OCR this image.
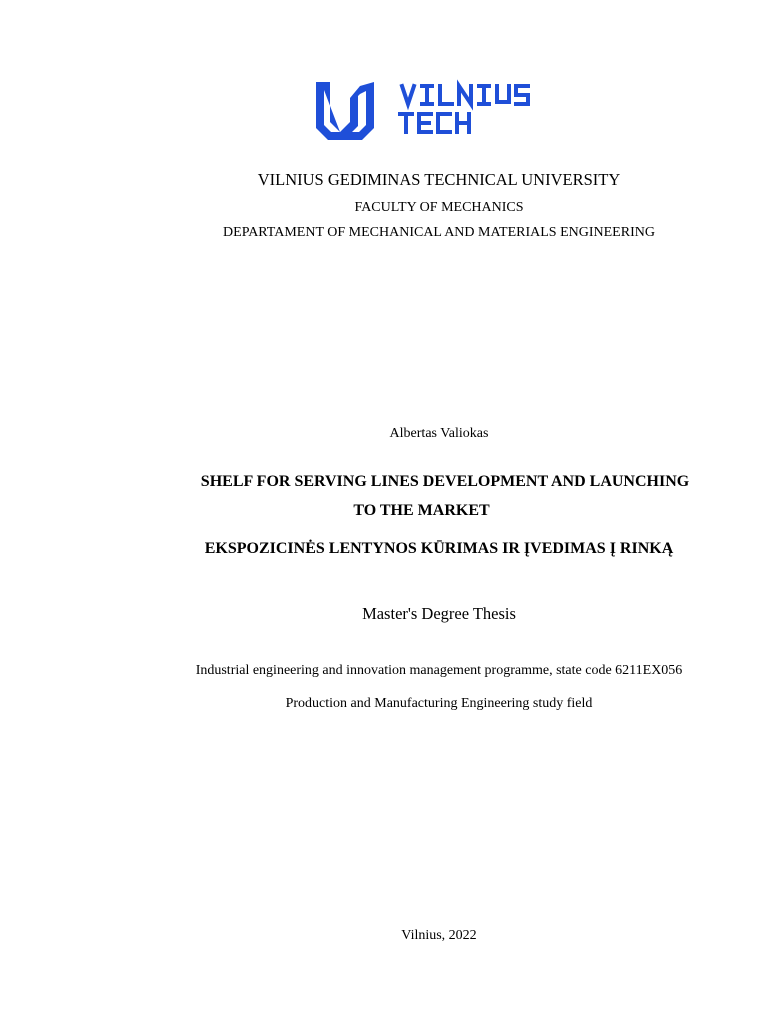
VILNIUS GEDIMINAS TECHNICAL UNIVERSITY
FACULTY OF MECHANICS
DEPARTAMENT OF MECHANICAL AND MATERIALS ENGINEERING
Albertas Valiokas
SHELF FOR SERVING LINES DEVELOPMENT AND LAUNCHING
TO THE MARKET
EKSPOZICINĖS LENTYNOS KŪRIMAS IR ĮVEDIMAS Į RINKĄ
Master's Degree Thesis
Industrial engineering and innovation management programme, state code 6211EX056
Production and Manufacturing Engineering study field
Vilnius, 2022
